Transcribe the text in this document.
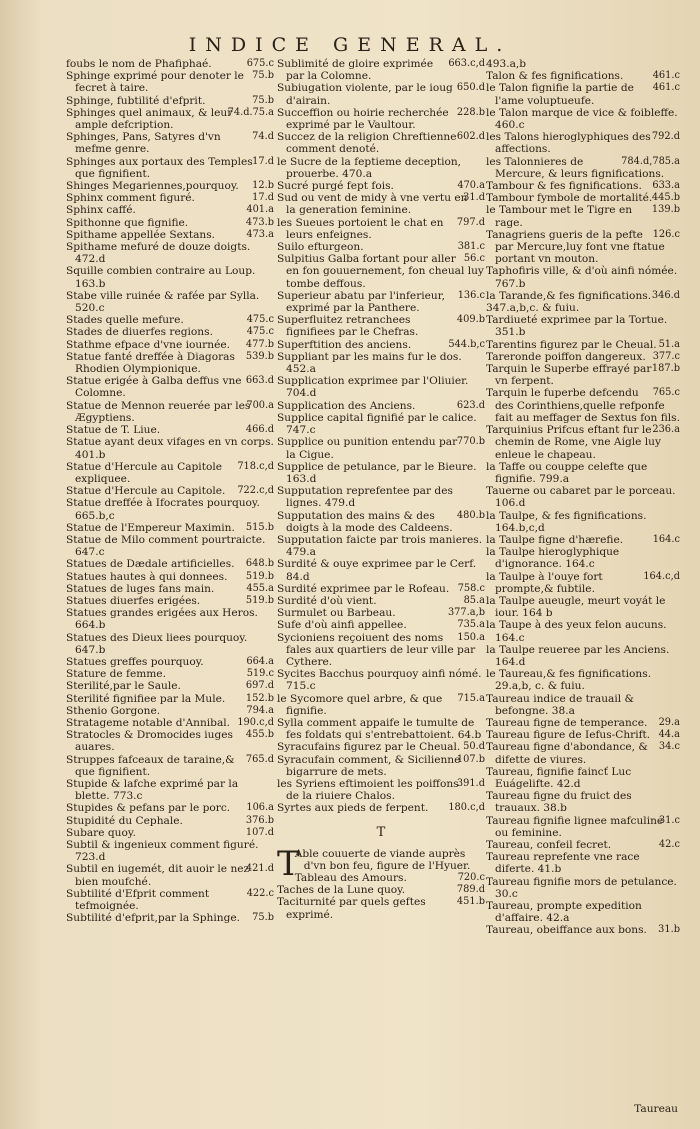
INDICE GENERAL.

675.c
foubs le nom de Phafiphaé.

75.b
Sphinge exprimé pour denoter le fecret à taire.

75.b
Sphinge, fubtilité d'efprit.

74.d.75.a
Sphinges quel animaux, & leur ample defcription.

74.d
Sphinges, Pans, Satyres d'vn mefme genre.

17.d
Sphinges aux portaux des Temples que fignifient.

12.b
Shinges Megariennes,pourquoy.

17.d
Sphinx comment figuré.

401.a
Sphinx caffé.

473.b
Spithonne que fignifie.

473.a
Spithame appellée Sextans.

Spithame mefuré de douze doigts. 472.d

Squille combien contraire au Loup. 163.b

Stabe ville ruinée & rafée par Sylla. 520.c

475.c
Stades quelle mefure.

475.c
Stades de diuerfes regions.

477.b
Stathme efpace d'vne iournée.

539.b
Statue fanté dreffée à Diagoras Rhodien Olympionique.

663.d
Statue erigée à Galba deffus vne Colomne.

700.a
Statue de Mennon reuerée par les Ægyptiens.

466.d
Statue de T. Liue.

Statue ayant deux vifages en vn corps. 401.b

718.c,d
Statue d'Hercule au Capitole expliquee.

722.c,d
Statue d'Hercule au Capitole.

Statue dreffée à Ifocrates pourquoy. 665.b,c

515.b
Statue de l'Empereur Maximin.

Statue de Milo comment pourtraicte. 647.c

648.b
Statues de Dædale artificielles.

519.b
Statues hautes à qui donnees.

455.a
Statues de luges fans main.

519.b
Statues diuerfes erigées.

Statues grandes erigées aux Heros. 664.b

Statues des Dieux liees pourquoy. 647.b

664.a
Statues greffes pourquoy.

519.c
Stature de femme.

697.d
Sterilité,par le Saule.

152.b
Sterilité fignifiee par la Mule.

794.a
Sthenio Gorgone.

190.c,d
Stratageme notable d'Annibal.

455.b
Stratocles & Dromocides iuges auares.

765.d
Struppes fafceaux de taraine,& que fignifient.

Stupide & lafche exprimé par la blette. 773.c

106.a
Stupides & pefans par le porc.

376.b
Stupidité du Cephale.

107.d
Subare quoy.

Subtil & ingenieux comment figuré. 723.d

421.d
Subtil en iugemét, dit auoir le nez bien moufché.

422.c
Subtilité d'Efprit comment tefmoignée.

75.b
Subtilité d'efprit,par la Sphinge.

663.c,d
Sublimité de gloire exprimée par la Colomne.

650.d
Subiugation violente, par le ioug d'airain.

228.b
Succeffion ou hoirie recherchée exprimé par le Vaultour.

602.d
Succez de la religion Chreftienne comment denoté.

le Sucre de la feptieme deception, prouerbe. 470.a

470.a
Sucré purgé fept fois.

31.d
Sud ou vent de midy à vne vertu en la generation feminine.

797.d
les Sueues portoient le chat en leurs enfeignes.

381.c
Suilo efturgeon.

56.c
Sulpitius Galba fortant pour aller en fon gouuernement, fon cheual luy tombe deffous.

136.c
Superieur abatu par l'inferieur, exprimé par la Panthere.

409.b
Superfluitez retranchees fignifiees par le Chefras.

544.b,c
Superftition des anciens.

Suppliant par les mains fur le dos. 452.a

Supplication exprimee par l'Oliuier. 704.d

623.d
Supplication des Anciens.

Supplice capital fignifié par le calice. 747.c

770.b
Supplice ou punition entendu par la Cigue.

Supplice de petulance, par le Bieure. 163.d

Supputation reprefentee par des lignes. 479.d

480.b
Supputation des mains & des doigts à la mode des Caldeens.

Supputation faicte par trois manieres. 479.a

Surdité & ouye exprimee par le Cerf. 84.d

758.c
Surdité exprimee par le Rofeau.

85.a
Surdité d'où vient.

377.a,b
Surmulet ou Barbeau.

735.a
Sufe d'où ainfi appellee.

150.a
Sycioniens reçoiuent des noms fales aux quartiers de leur ville par Cythere.

Sycites Bacchus pourquoy ainfi nómé. 715.c

715.a
le Sycomore quel arbre, & que fignifie.

Sylla comment appaife le tumulte de fes foldats qui s'entrebattoient. 64.b

50.d
Syracufains figurez par le Cheual.

107.b
Syracufain comment, & Sicilienne bigarrure de mets.

391.d
les Syriens eftimoient les poiffons de la riuiere Chalos.

180.c,d
Syrtes aux pieds de ferpent.

T
T

Able couuerte de viande auprès d'vn bon feu, figure de l'Hyuer.

720.c
Tableau des Amours.

789.d
Taches de la Lune quoy.

451.b
Taciturnité par quels geftes exprimé.

493.a,b

461.c
Talon & fes fignifications.

461.c
le Talon fignifie la partie de l'ame voluptueufe.

le Talon marque de vice & foibleffe. 460.c

792.d
les Talons hieroglyphiques des affections.

784.d,785.a
les Talonnieres de Mercure, & leurs fignifications.

633.a
Tambour & fes fignifications.

445.b
Tambour fymbole de mortalité.

139.b
le Tambour met le Tigre en rage.

126.c
Tanagriens gueris de la pefte par Mercure,luy font vne ftatue portant vn mouton.

Taphofiris ville, & d'où ainfi nómée. 767.b

346.d
la Tarande,& fes fignifications.

347.a,b,c. & fuiu.

Tardiueté exprimee par la Tortue. 351.b

51.a
Tarentins figurez par le Cheual.

377.c
Tareronde poiffon dangereux.

187.b
Tarquin le Superbe effrayé par vn ferpent.

765.c
Tarquin le fuperbe defcendu des Corinthiens,quelle refponfe fait au meffager de Sextus fon fils.

236.a
Tarquinius Prifcus eftant fur le chemin de Rome, vne Aigle luy enleue le chapeau.

la Taffe ou couppe celefte que fignifie. 799.a

Tauerne ou cabaret par le porceau. 106.d

la Taulpe, & fes fignifications. 164.b,c,d

164.c
la Taulpe figne d'hærefie.

la Taulpe hieroglyphique d'ignorance. 164.c

164.c,d
la Taulpe à l'ouye fort prompte,& fubtile.

la Taulpe aueugle, meurt voyát le iour. 164 b

la Taupe à des yeux felon aucuns. 164.c

la Taulpe reueree par les Anciens. 164.d

le Taureau,& fes fignifications. 29.a,b, c. & fuiu.

Taureau indice de trauail & befongne. 38.a

29.a
Taureau figne de temperance.

44.a
Taureau figure de Iefus-Chrift.

34.c
Taureau figne d'abondance, & difette de viures.

Taureau, fignifie faincť Luc Euágelifte. 42.d

Taureau figne du fruict des trauaux. 38.b

31.c
Taureau fignifie lignee mafculine ou feminine.

42.c
Taureau, confeil fecret.

Taureau reprefente vne race diferte. 41.b

Taureau fignifie mors de petulance. 30.c

Taureau, prompte expedition d'affaire. 42.a

31.b
Taureau, obeiffance aux bons.

Taureau
